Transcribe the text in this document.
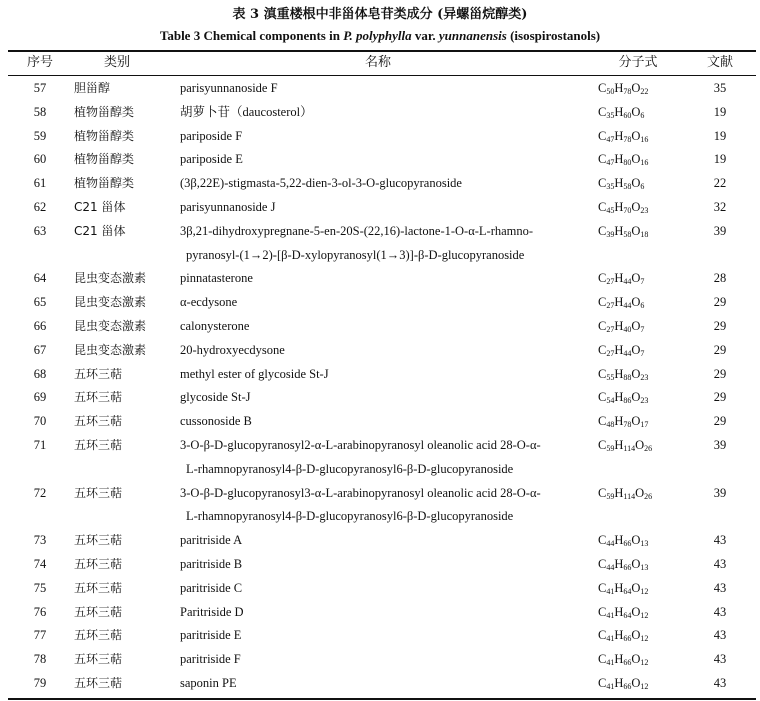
表 3 滇重楼根中非甾体皂苷类成分 (异螺甾烷醇类)
Table 3 Chemical components in P. polyphylla var. yunnanensis (isospirostanols)
序号	类别	名称	分子式	文献
57	胆甾醇	parisyunnanoside F	$C_{50}H_{78}O_{22}$	35
58	植物甾醇类	胡萝卜苷（daucosterol）	$C_{35}H_{60}O_6$	19
59	植物甾醇类	pariposide F	$C_{47}H_{78}O_{16}$	19
60	植物甾醇类	pariposide E	$C_{47}H_{80}O_{16}$	19
61	植物甾醇类	(3β,22E)-stigmasta-5,22-dien-3-ol-3-O-glucopyranoside	$C_{35}H_{58}O_6$	22
62	C21 甾体	parisyunnanoside J	$C_{45}H_{70}O_{23}$	32
63	C21 甾体	3β,21-dihydroxypregnane-5-en-20S-(22,16)-lactone-1-O-α-L-rhamno-
pyranosyl-(1→2)-[β-D-xylopyranosyl(1→3)]-β-D-glucopyranoside
$C_{39}H_{58}O_{18}$	39
64	昆虫变态激素	pinnatasterone	$C_{27}H_{44}O_7$	28
65	昆虫变态激素	α-ecdysone	$C_{27}H_{44}O_6$	29
66	昆虫变态激素	calonysterone	$C_{27}H_{40}O_7$	29
67	昆虫变态激素	20-hydroxyecdysone	$C_{27}H_{44}O_7$	29
68	五环三萜	methyl ester of glycoside St-J	$C_{55}H_{88}O_{23}$	29
69	五环三萜	glycoside St-J	$C_{54}H_{86}O_{23}$	29
70	五环三萜	cussonoside B	$C_{48}H_{78}O_{17}$	29
71	五环三萜	3-O-β-D-glucopyranosyl2-α-L-arabinopyranosyl oleanolic acid 28-O-α-
L-rhamnopyranosyl4-β-D-glucopyranosyl6-β-D-glucopyranoside
$C_{59}H_{114}O_{26}$	39
72	五环三萜	3-O-β-D-glucopyranosyl3-α-L-arabinopyranosyl oleanolic acid 28-O-α-
L-rhamnopyranosyl4-β-D-glucopyranosyl6-β-D-glucopyranoside
$C_{59}H_{114}O_{26}$	39
73	五环三萜	paritriside A	$C_{44}H_{66}O_{13}$	43
74	五环三萜	paritriside B	$C_{44}H_{66}O_{13}$	43
75	五环三萜	paritriside C	$C_{41}H_{64}O_{12}$	43
76	五环三萜	Paritriside D	$C_{41}H_{64}O_{12}$	43
77	五环三萜	paritriside E	$C_{41}H_{66}O_{12}$	43
78	五环三萜	paritriside F	$C_{41}H_{66}O_{12}$	43
79	五环三萜	saponin PE	$C_{41}H_{66}O_{12}$	43
